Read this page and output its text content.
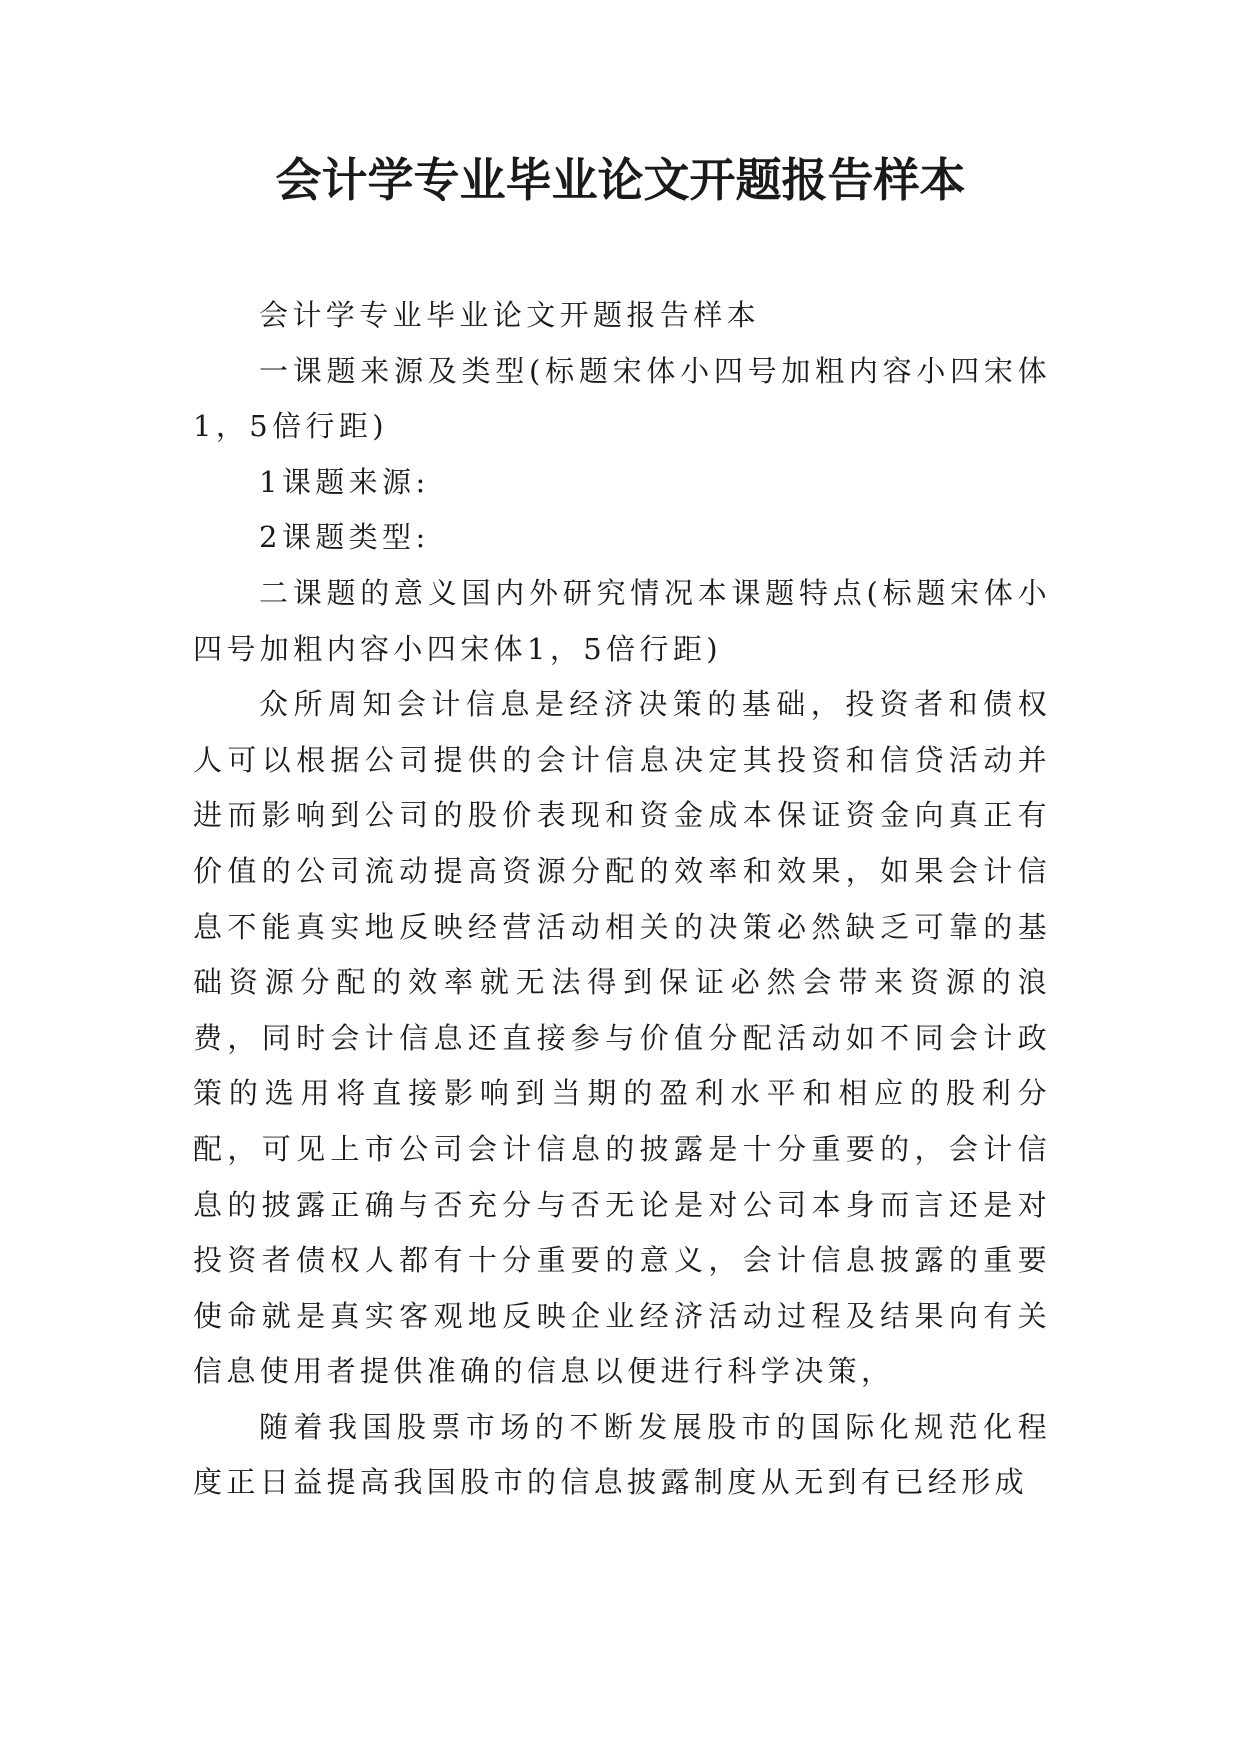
会计学专业毕业论文开题报告样本

会计学专业毕业论文开题报告样本

一课题来源及类型(标题宋体小四号加粗内容小四宋体1，5倍行距)

1课题来源:

2课题类型:

二课题的意义国内外研究情况本课题特点(标题宋体小四号加粗内容小四宋体1，5倍行距)

众所周知会计信息是经济决策的基础，投资者和债权人可以根据公司提供的会计信息决定其投资和信贷活动并进而影响到公司的股价表现和资金成本保证资金向真正有价值的公司流动提高资源分配的效率和效果，如果会计信息不能真实地反映经营活动相关的决策必然缺乏可靠的基础资源分配的效率就无法得到保证必然会带来资源的浪费，同时会计信息还直接参与价值分配活动如不同会计政策的选用将直接影响到当期的盈利水平和相应的股利分配，可见上市公司会计信息的披露是十分重要的，会计信息的披露正确与否充分与否无论是对公司本身而言还是对投资者债权人都有十分重要的意义，会计信息披露的重要使命就是真实客观地反映企业经济活动过程及结果向有关信息使用者提供准确的信息以便进行科学决策，

随着我国股票市场的不断发展股市的国际化规范化程度正日益提高我国股市的信息披露制度从无到有已经形成
